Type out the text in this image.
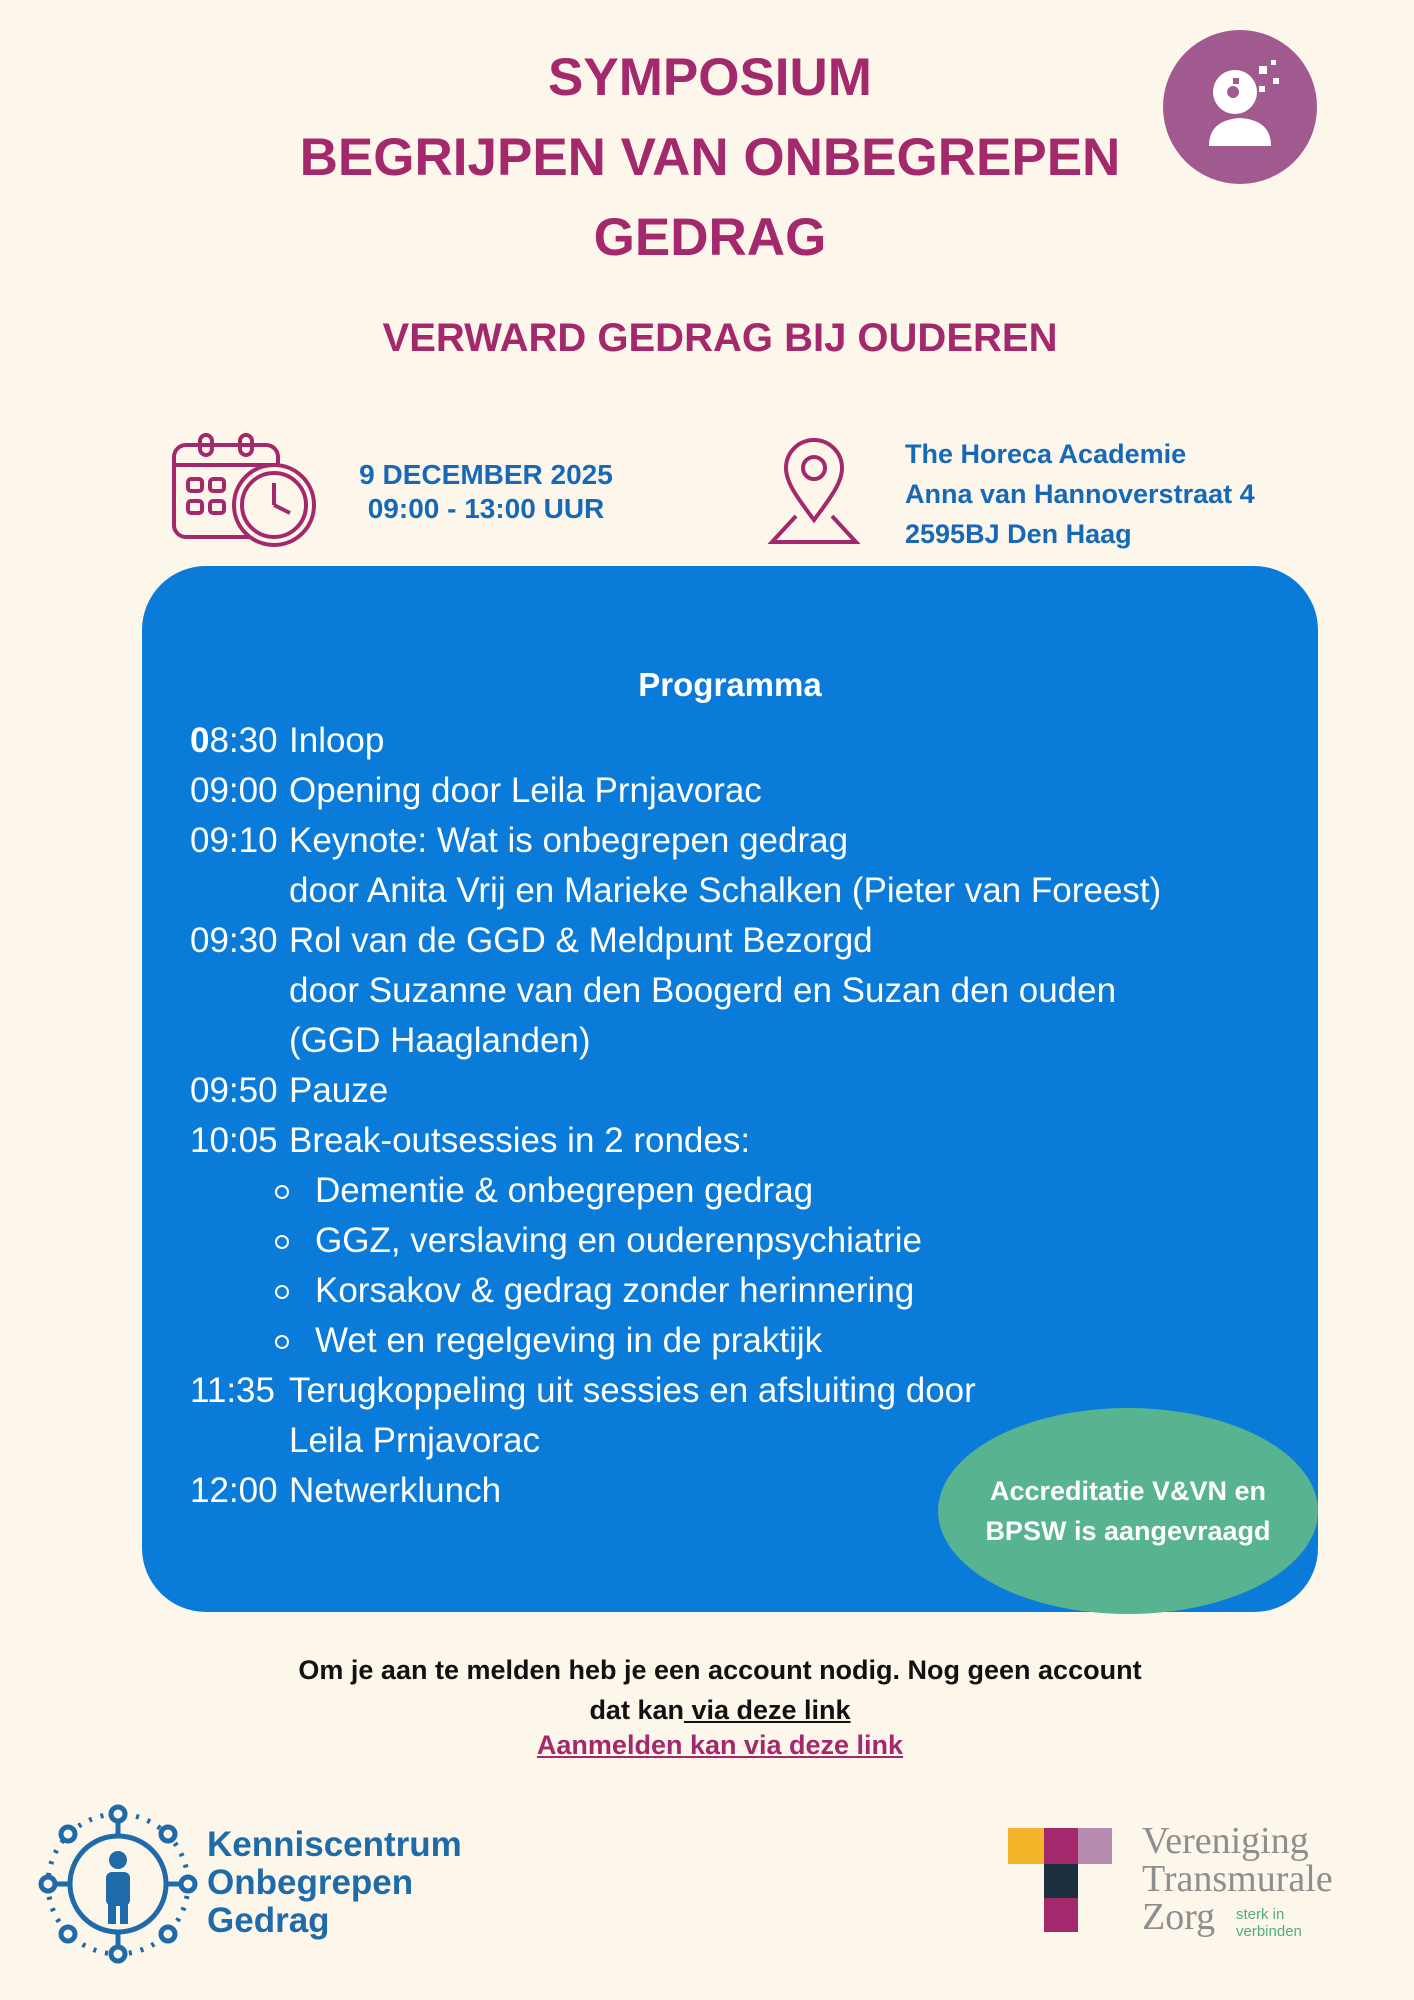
SYMPOSIUM
BEGRIJPEN VAN ONBEGREPEN
GEDRAG
VERWARD GEDRAG BIJ OUDEREN
9 DECEMBER 2025
09:00 - 13:00 UUR
The Horeca Academie
Anna van Hannoverstraat 4
2595BJ Den Haag
Programma
08:30 Inloop
09:00 Opening door Leila Prnjavorac
09:10 Keynote: Wat is onbegrepen gedrag
door Anita Vrij en Marieke Schalken (Pieter van Foreest)
09:30 Rol van de GGD & Meldpunt Bezorgd
door Suzanne van den Boogerd en Suzan den ouden
(GGD Haaglanden)
09:50 Pauze
10:05 Break-outsessies in 2 rondes:
Dementie & onbegrepen gedrag
GGZ, verslaving en ouderenpsychiatrie
Korsakov & gedrag zonder herinnering
Wet en regelgeving in de praktijk
11:35 Terugkoppeling uit sessies en afsluiting door
Leila Prnjavorac
12:00 Netwerklunch	Accreditatie V&VN en
BPSW is aangevraagd
Om je aan te melden heb je een account nodig. Nog geen account
dat kan via deze link
Aanmelden kan via deze link
Kenniscentrum
Onbegrepen
Gedrag
Vereniging
Transmurale
Zorg	sterk in
verbinden
